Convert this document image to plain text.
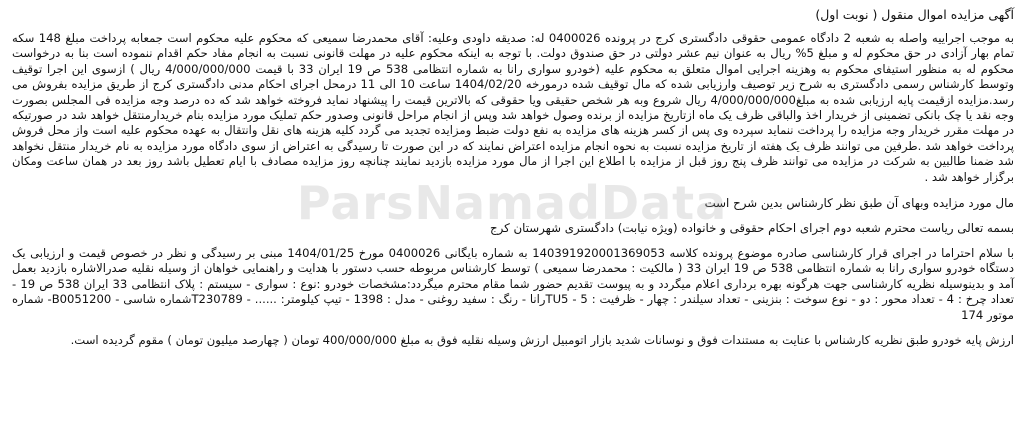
آگهی مزایده اموال منقول ( نوبت اول)

به موجب اجراییه واصله به شعبه 2 دادگاه عمومی حقوقی دادگستری کرج در پرونده 0400026 له: صدیقه داودی وعلیه: آقای محمدرضا سمیعی که محکوم علیه محکوم است جمعابه پرداخت مبلغ 148 سکه تمام بهار آزادی در حق محکوم له و مبلغ 5% ریال به عنوان نیم عشر دولتی در حق صندوق دولت. با توجه به اینکه محکوم علیه در مهلت قانونی نسبت به انجام مفاد حکم اقدام ننموده است بنا به درخواست محکوم له به منظور استیفای محکوم به وهزینه اجرایی اموال متعلق به محکوم علیه (خودرو سواری رانا به شماره انتظامی 538 ص 19 ایران 33 با قیمت 4/000/000/000 ریال ) ازسوی این اجرا توقیف وتوسط کارشناس رسمی دادگستری به شرح زیر توصیف وارزیابی شده که مال توقیف شده درمورخه 1404/02/20 ساعت 10 الی 11 درمحل اجرای احکام مدنی دادگستری کرج از طریق مزایده بفروش می رسد.مزایده ازقیمت پایه ارزیابی شده به مبلغ4/000/000/000 ریال شروع وبه هر شخص حقیقی ویا حقوقی که بالاترین قیمت را پیشنهاد نماید فروخته خواهد شد که ده درصد وجه مزایده فی المجلس بصورت وجه نقد یا چک بانکی تضمینی از خریدار اخذ والباقی ظرف یک ماه ازتاریخ مزایده از برنده وصول خواهد شد وپس از انجام مراحل قانونی وصدور حکم تملیک مورد مزایده بنام خریدارمنتقل خواهد شد در صورتیکه در مهلت مقرر خریدار وجه مزایده را پرداخت ننماید سپرده وی پس از کسر هزینه های مزایده به نفع دولت ضبط ومزایده تجدید می گردد کلیه هزینه های نقل وانتقال به عهده محکوم علیه است واز محل فروش پرداخت خواهد شد .طرفین می توانند ظرف یک هفته از تاریخ مزایده نسبت به نحوه انجام مزایده اعتراض نمایند که در این صورت تا رسیدگی به اعتراض از سوی دادگاه مورد مزایده به نام خریدار منتقل نخواهد شد ضمنا طالبین به شرکت در مزایده می توانند ظرف پنج روز قبل از مزایده با اطلاع این اجرا از مال مورد مزایده بازدید نمایند چنانچه روز مزایده مصادف با ایام تعطیل باشد روز بعد در همان ساعت ومکان برگزار خواهد شد .

مال مورد مزایده وبهای آن طبق نظر کارشناس بدین شرح است

بسمه تعالی ریاست محترم شعبه دوم اجرای احکام حقوقی و خانواده (ویژه نیابت) دادگستری شهرستان کرج

با سلام احتراما در اجرای قرار کارشناسی صادره موضوع پرونده کلاسه 140391920001369053 به شماره بایگانی 0400026 مورخ 1404/01/25 مبنی بر رسیدگی و نظر در خصوص قیمت و ارزیابی یک دستگاه خودرو سواری رانا به شماره انتظامی 538 ص 19 ایران 33 ( مالکیت : محمدرضا سمیعی ) توسط کارشناس مربوطه حسب دستور با هدایت و راهنمایی خواهان از وسیله نقلیه صدرالاشاره بازدید بعمل آمد و بدینوسیله نظریه کارشناسی جهت هرگونه بهره برداری اعلام میگردد و به پیوست تقدیم حضور شما مقام محترم میگردد:مشخصات خودرو :نوع : سواری - سیستم : پلاک انتظامی 33 ایران 538 ص 19 - تعداد چرخ : 4 - تعداد محور : دو - نوع سوخت : بنزینی - تعداد سیلندر : چهار - ظرفیت : 5 - TU5رانا - رنگ : سفید روغنی - مدل : 1398 - تیپ کیلومتر: ...... - T230789شماره شاسی - B0051200- شماره موتور 174

ارزش پایه خودرو طبق نظریه کارشناس با عنایت به مستندات فوق و نوسانات شدید بازار اتومبیل ارزش وسیله نقلیه فوق به مبلغ 400/000/000 تومان ( چهارصد میلیون تومان ) مقوم گردیده است.

ParsNamadData
